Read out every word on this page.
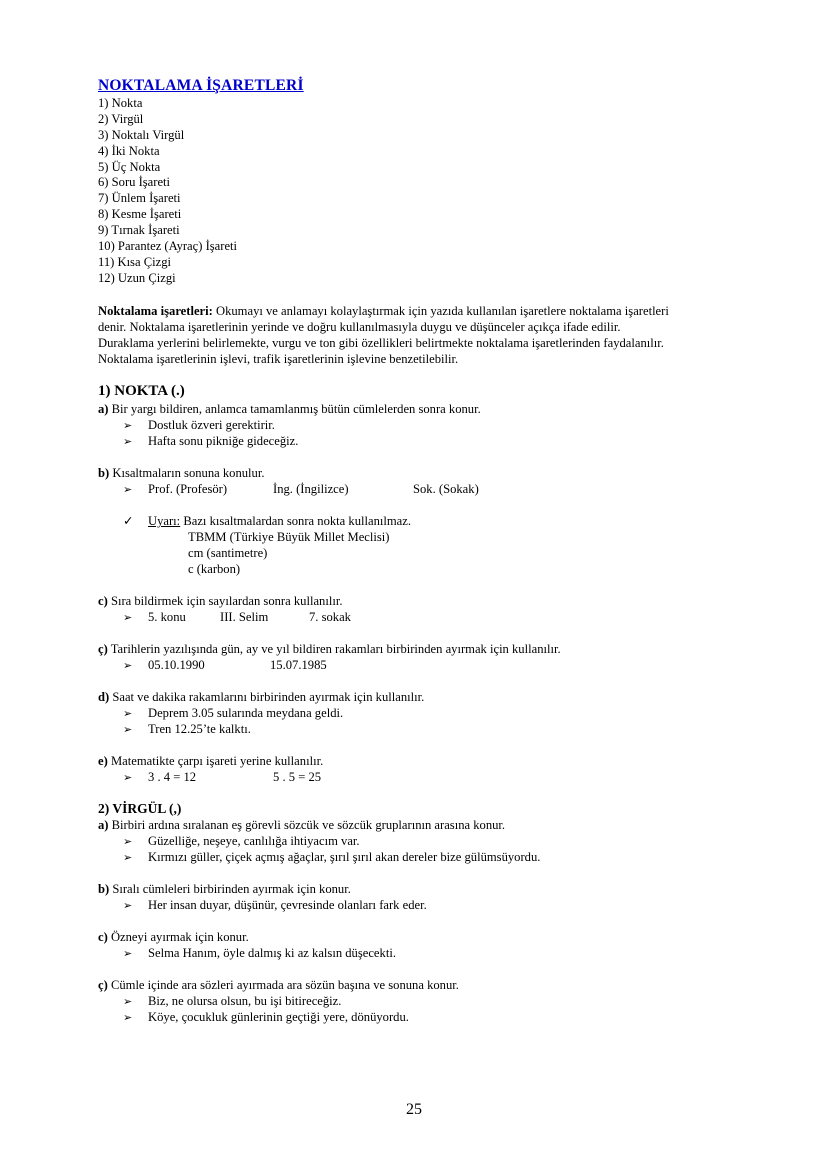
NOKTALAMA İŞARETLERİ
1) Nokta
2) Virgül
3) Noktalı Virgül
4) İki Nokta
5) Üç Nokta
6) Soru İşareti
7) Ünlem İşareti
8) Kesme İşareti
9) Tırnak İşareti
10) Parantez (Ayraç) İşareti
11) Kısa Çizgi
12) Uzun Çizgi
Noktalama işaretleri: Okumayı ve anlamayı kolaylaştırmak için yazıda kullanılan işaretlere noktalama işaretleri
denir. Noktalama işaretlerinin yerinde ve doğru kullanılmasıyla duygu ve düşünceler açıkça ifade edilir.
Duraklama yerlerini belirlemekte, vurgu ve ton gibi özellikleri belirtmekte noktalama işaretlerinden faydalanılır.
Noktalama işaretlerinin işlevi, trafik işaretlerinin işlevine benzetilebilir.
1) NOKTA (.)
a) Bir yargı bildiren, anlamca tamamlanmış bütün cümlelerden sonra konur.
➢ Dostluk özveri gerektirir.
➢ Hafta sonu pikniğe gideceğiz.
b) Kısaltmaların sonuna konulur.
➢ Prof. (Profesör)	İng. (İngilizce)	Sok. (Sokak)
✓ Uyarı: Bazı kısaltmalardan sonra nokta kullanılmaz.
TBMM (Türkiye Büyük Millet Meclisi)
cm (santimetre)
c (karbon)
c) Sıra bildirmek için sayılardan sonra kullanılır.
➢ 5. konu	III. Selim	7. sokak
ç) Tarihlerin yazılışında gün, ay ve yıl bildiren rakamları birbirinden ayırmak için kullanılır.
➢ 05.10.1990	15.07.1985
d) Saat ve dakika rakamlarını birbirinden ayırmak için kullanılır.
➢ Deprem 3.05 sularında meydana geldi.
➢ Tren 12.25’te kalktı.
e) Matematikte çarpı işareti yerine kullanılır.
➢ 3 . 4 = 12	5 . 5 = 25
2) VİRGÜL (,)
a) Birbiri ardına sıralanan eş görevli sözcük ve sözcük gruplarının arasına konur.
➢ Güzelliğe, neşeye, canlılığa ihtiyacım var.
➢ Kırmızı güller, çiçek açmış ağaçlar, şırıl şırıl akan dereler bize gülümsüyordu.
b) Sıralı cümleleri birbirinden ayırmak için konur.
➢ Her insan duyar, düşünür, çevresinde olanları fark eder.
c) Özneyi ayırmak için konur.
➢ Selma Hanım, öyle dalmış ki az kalsın düşecekti.
ç) Cümle içinde ara sözleri ayırmada ara sözün başına ve sonuna konur.
➢ Biz, ne olursa olsun, bu işi bitireceğiz.
➢ Köye, çocukluk günlerinin geçtiği yere, dönüyordu.
25
